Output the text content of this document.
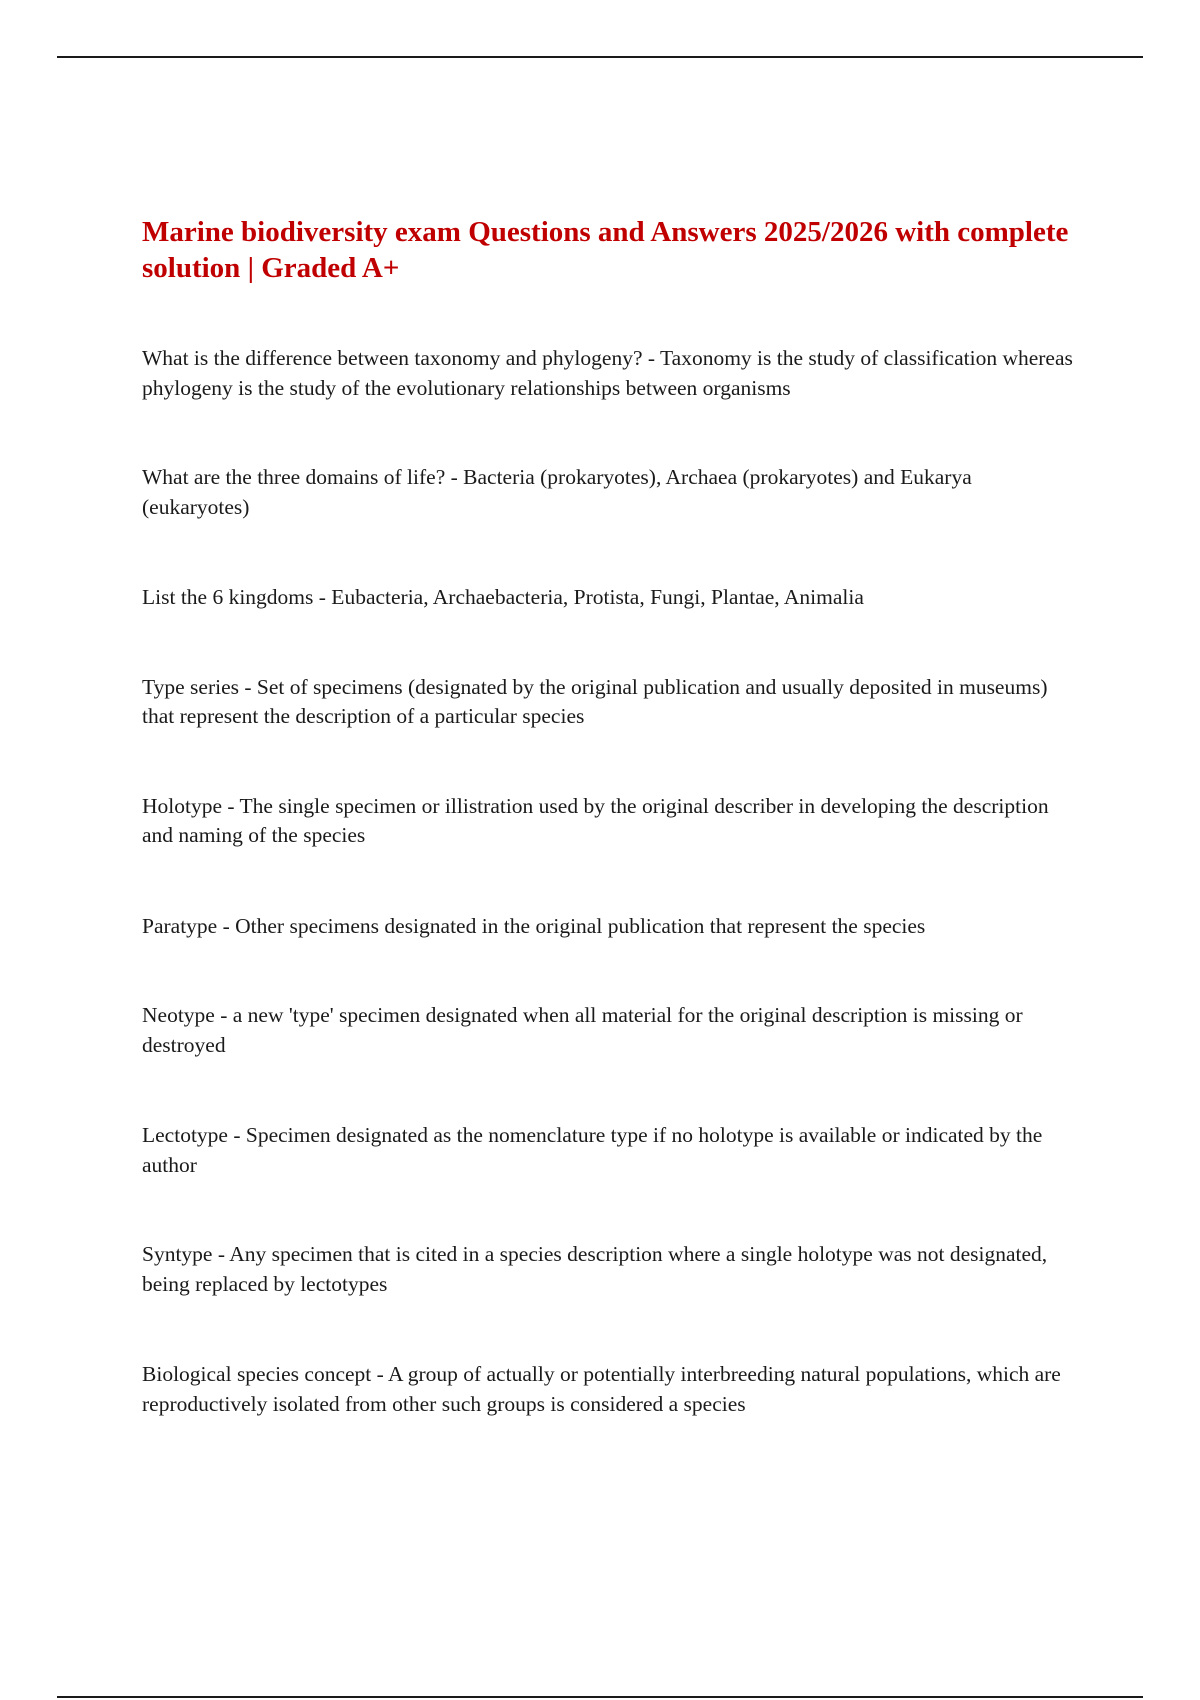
Marine biodiversity exam Questions and Answers 2025/2026 with complete solution | Graded A+

What is the difference between taxonomy and phylogeny? - Taxonomy is the study of classification whereas phylogeny is the study of the evolutionary relationships between organisms

What are the three domains of life? - Bacteria (prokaryotes), Archaea (prokaryotes) and Eukarya (eukaryotes)

List the 6 kingdoms - Eubacteria, Archaebacteria, Protista, Fungi, Plantae, Animalia

Type series - Set of specimens (designated by the original publication and usually deposited in museums) that represent the description of a particular species

Holotype - The single specimen or illistration used by the original describer in developing the description and naming of the species

Paratype - Other specimens designated in the original publication that represent the species

Neotype - a new 'type' specimen designated when all material for the original description is missing or destroyed

Lectotype - Specimen designated as the nomenclature type if no holotype is available or indicated by the author

Syntype - Any specimen that is cited in a species description where a single holotype was not designated, being replaced by lectotypes

Biological species concept - A group of actually or potentially interbreeding natural populations, which are reproductively isolated from other such groups is considered a species
